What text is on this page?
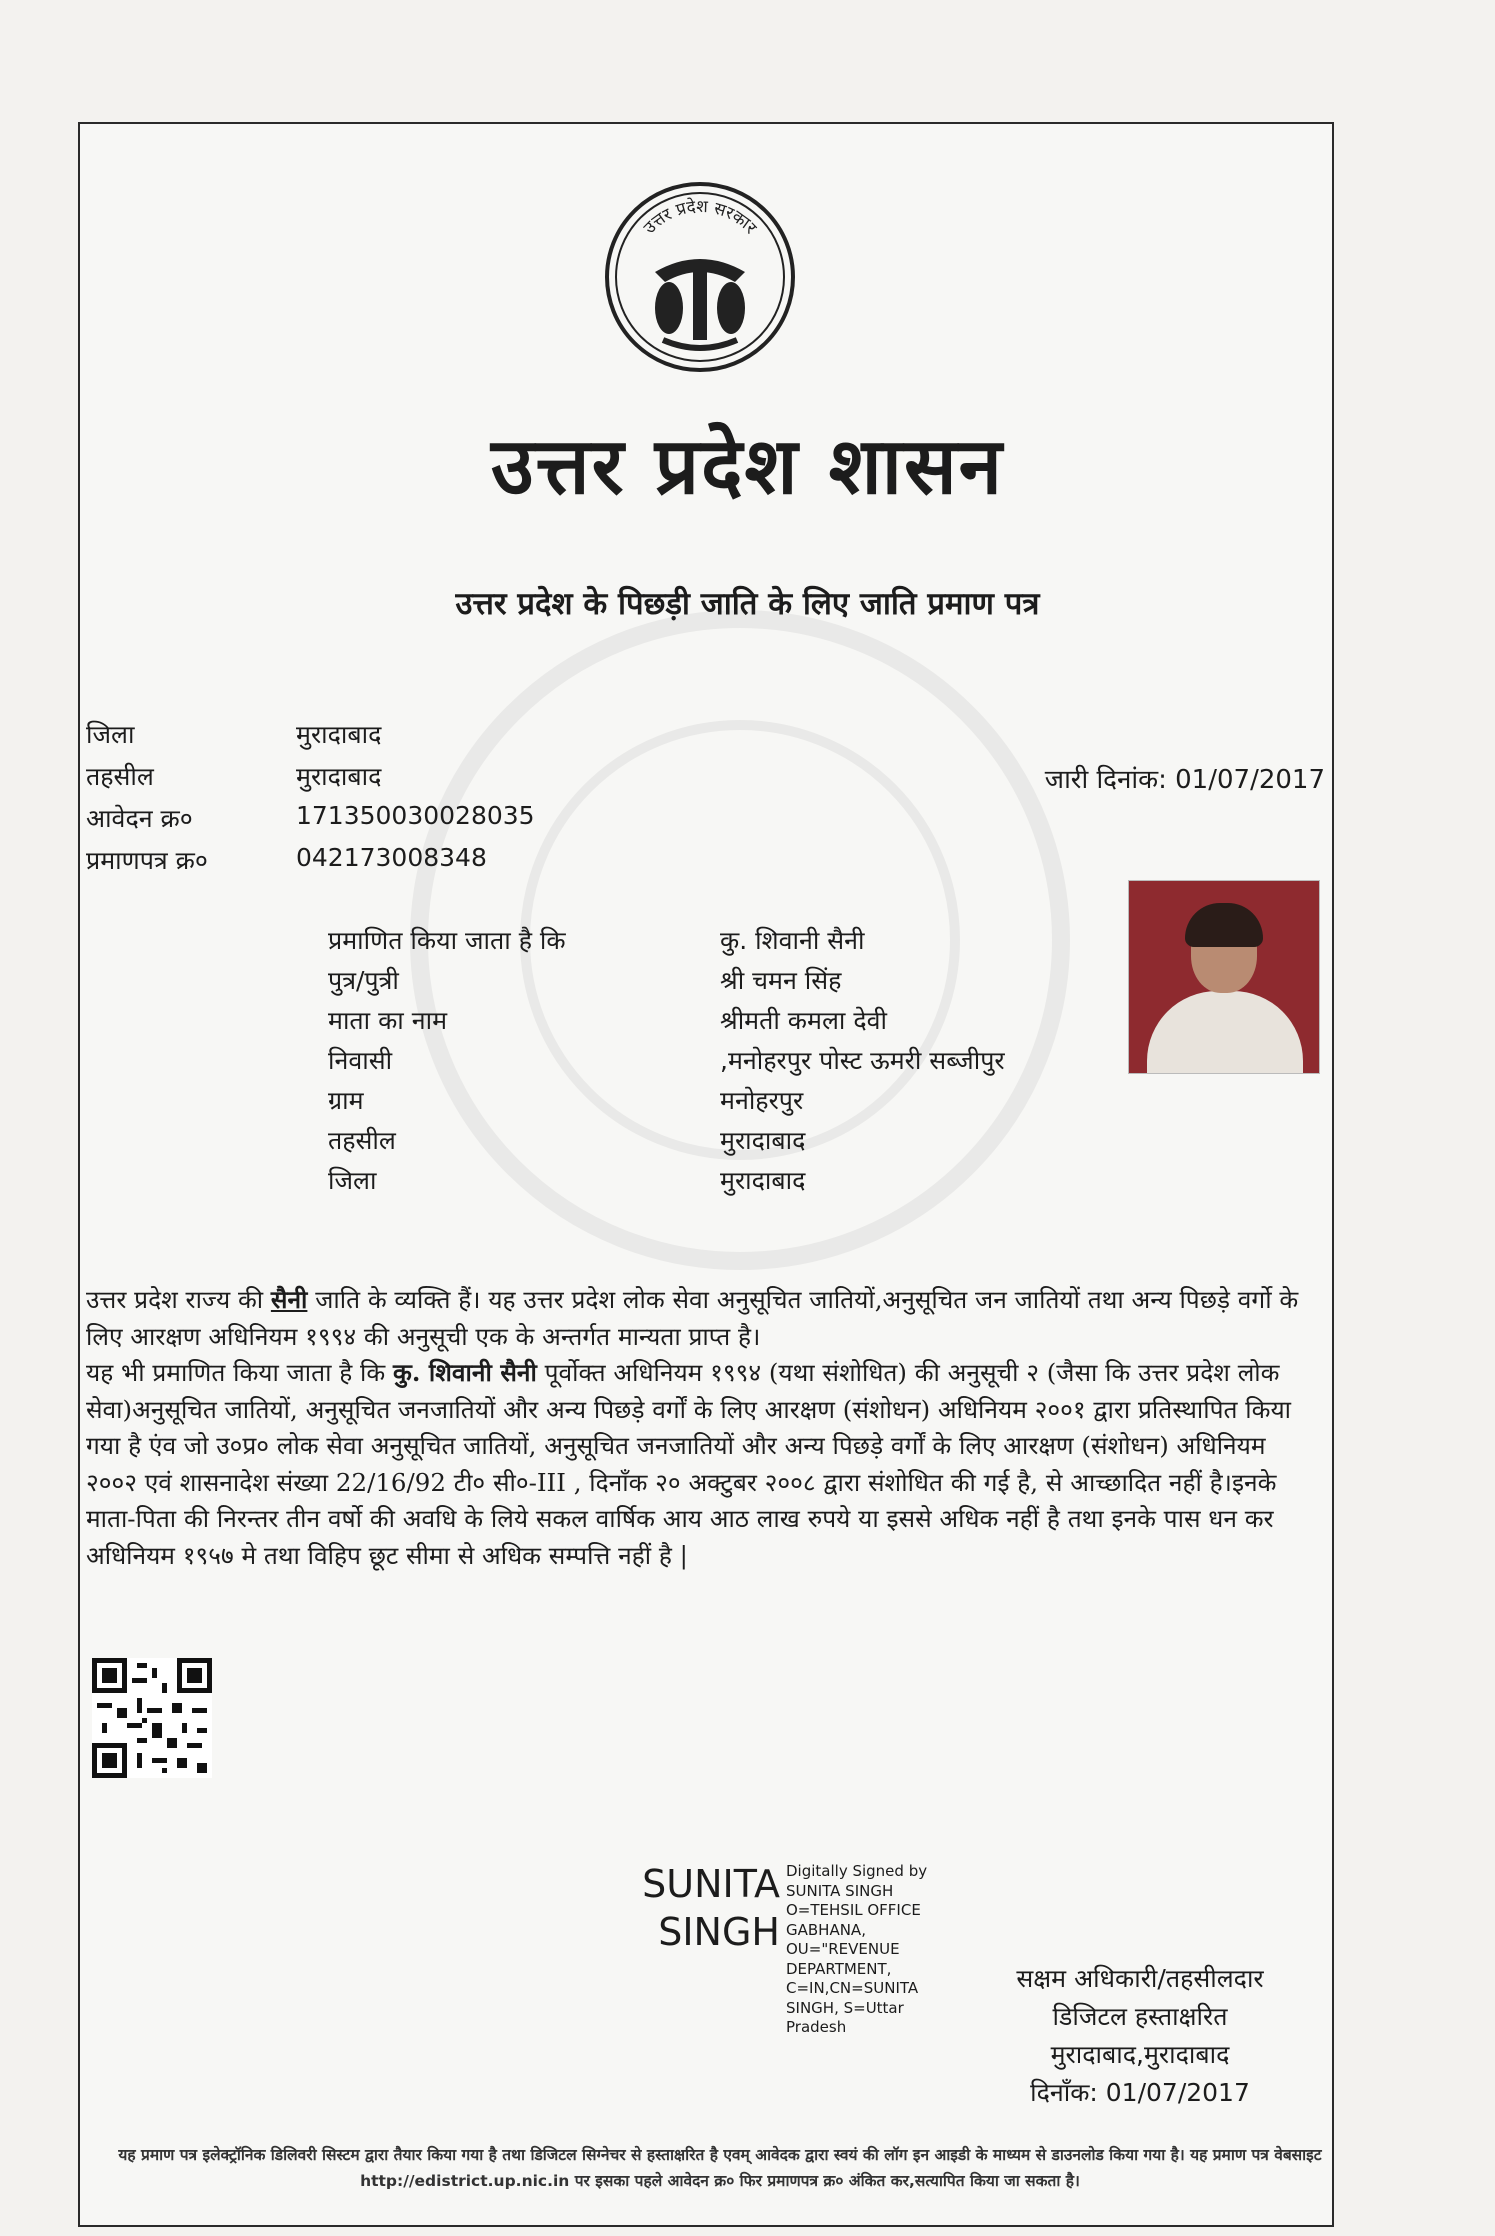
उत्तर प्रदेश सरकार
उत्तर प्रदेश शासन
उत्तर प्रदेश के पिछड़ी जाति के लिए जाति प्रमाण पत्र
जिला	मुरादाबाद
तहसील	मुरादाबाद
आवेदन क्र०	171350030028035
प्रमाणपत्र क्र०	042173008348
जारी दिनांक: 01/07/2017
प्रमाणित किया जाता है कि	कु. शिवानी सैनी
पुत्र/पुत्री	श्री चमन सिंह
माता का नाम	श्रीमती कमला देवी
निवासी	,मनोहरपुर पोस्ट ऊमरी सब्जीपुर
ग्राम	मनोहरपुर
तहसील	मुरादाबाद
जिला	मुरादाबाद

उत्तर प्रदेश राज्य की सैनी जाति के व्यक्ति हैं। यह उत्तर प्रदेश लोक सेवा अनुसूचित जातियों,अनुसूचित जन जातियों तथा अन्य पिछड़े वर्गो के लिए आरक्षण अधिनियम १९९४ की अनुसूची एक के अन्तर्गत मान्यता प्राप्त है।

यह भी प्रमाणित किया जाता है कि कु. शिवानी सैनी पूर्वोक्त अधिनियम १९९४ (यथा संशोधित) की अनुसूची २ (जैसा कि उत्तर प्रदेश लोक सेवा)अनुसूचित जातियों, अनुसूचित जनजातियों और अन्य पिछड़े वर्गों के लिए आरक्षण (संशोधन) अधिनियम २००१ द्वारा प्रतिस्थापित किया गया है एंव जो उ०प्र० लोक सेवा अनुसूचित जातियों, अनुसूचित जनजातियों और अन्य पिछड़े वर्गों के लिए आरक्षण (संशोधन) अधिनियम २००२ एवं शासनादेश संख्या 22/16/92 टी० सी०-III , दिनाँक २० अक्टुबर २००८ द्वारा संशोधित की गई है, से आच्छादित नहीं है।इनके माता-पिता की निरन्तर तीन वर्षो की अवधि के लिये सकल वार्षिक आय आठ लाख रुपये या इससे अधिक नहीं है तथा इनके पास धन कर अधिनियम १९५७ मे तथा विहिप छूट सीमा से अधिक सम्पत्ति नहीं है |

SUNITA
SINGH
Digitally Signed by
SUNITA SINGH
O=TEHSIL OFFICE
GABHANA,
OU="REVENUE
DEPARTMENT,
C=IN,CN=SUNITA
SINGH, S=Uttar
Pradesh
सक्षम अधिकारी/तहसीलदार
डिजिटल हस्ताक्षरित
मुरादाबाद,मुरादाबाद
दिनाँक: 01/07/2017
यह प्रमाण पत्र इलेक्ट्रॉनिक डिलिवरी सिस्टम द्वारा तैयार किया गया है तथा डिजिटल सिग्नेचर से हस्ताक्षरित है एवम् आवेदक द्वारा स्वयं की लॉग इन आइडी के माध्यम से डाउनलोड किया गया है। यह प्रमाण पत्र वेबसाइट http://edistrict.up.nic.in पर इसका पहले आवेदन क्र० फिर प्रमाणपत्र क्र० अंकित कर,सत्यापित किया जा सकता है।
